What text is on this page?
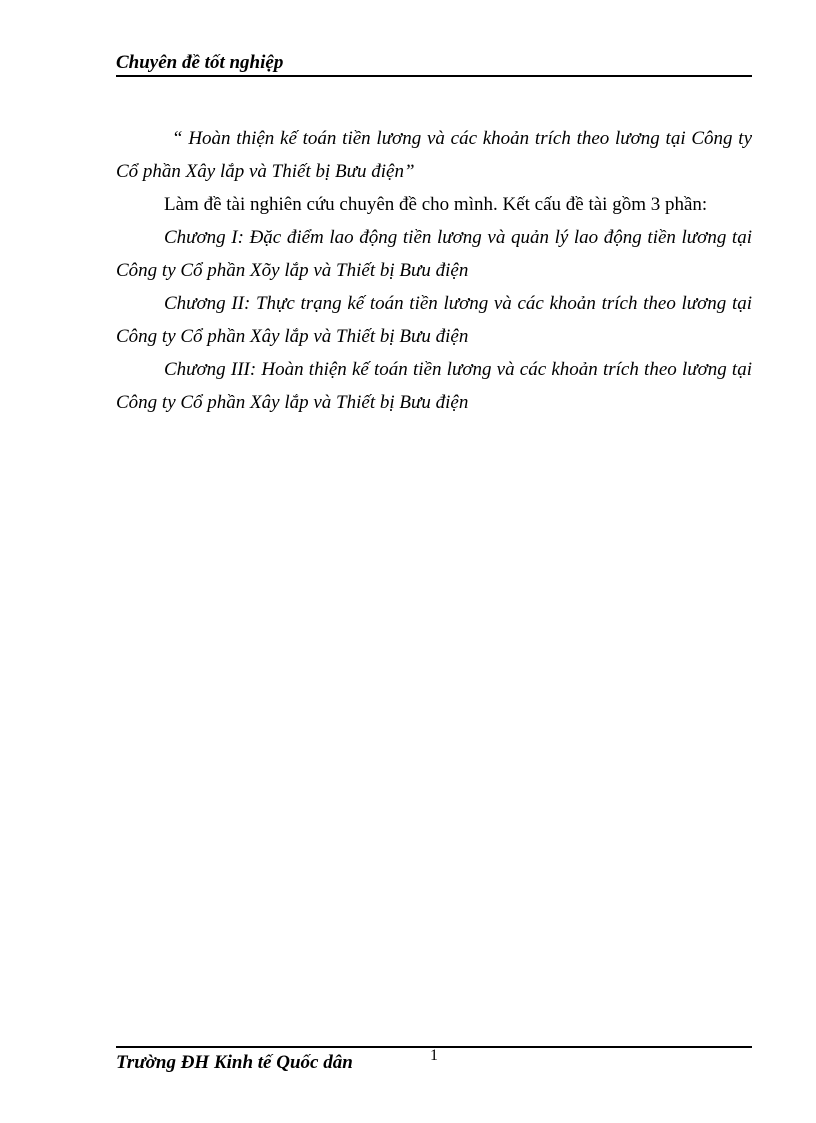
Chuyên đề tốt nghiệp

“ Hoàn thiện kế toán tiền lương và các khoản trích theo lương tại Công ty Cổ phần Xây lắp và Thiết bị Bưu điện”

Làm đề tài nghiên cứu chuyên đề cho mình. Kết cấu đề tài gồm 3 phần:

Chương I: Đặc điểm lao động tiền lương và quản lý lao động tiền lương tại Công ty Cổ phần Xõy lắp và Thiết bị Bưu điện

Chương II: Thực trạng kế toán tiền lương và các khoản trích theo lương tại Công ty Cổ phần Xây lắp và Thiết bị Bưu điện

Chương III: Hoàn thiện kế toán tiền lương và các khoản trích theo lương tại Công ty Cổ phần Xây lắp và Thiết bị Bưu điện

Trường ĐH Kinh tế Quốc dân	1
